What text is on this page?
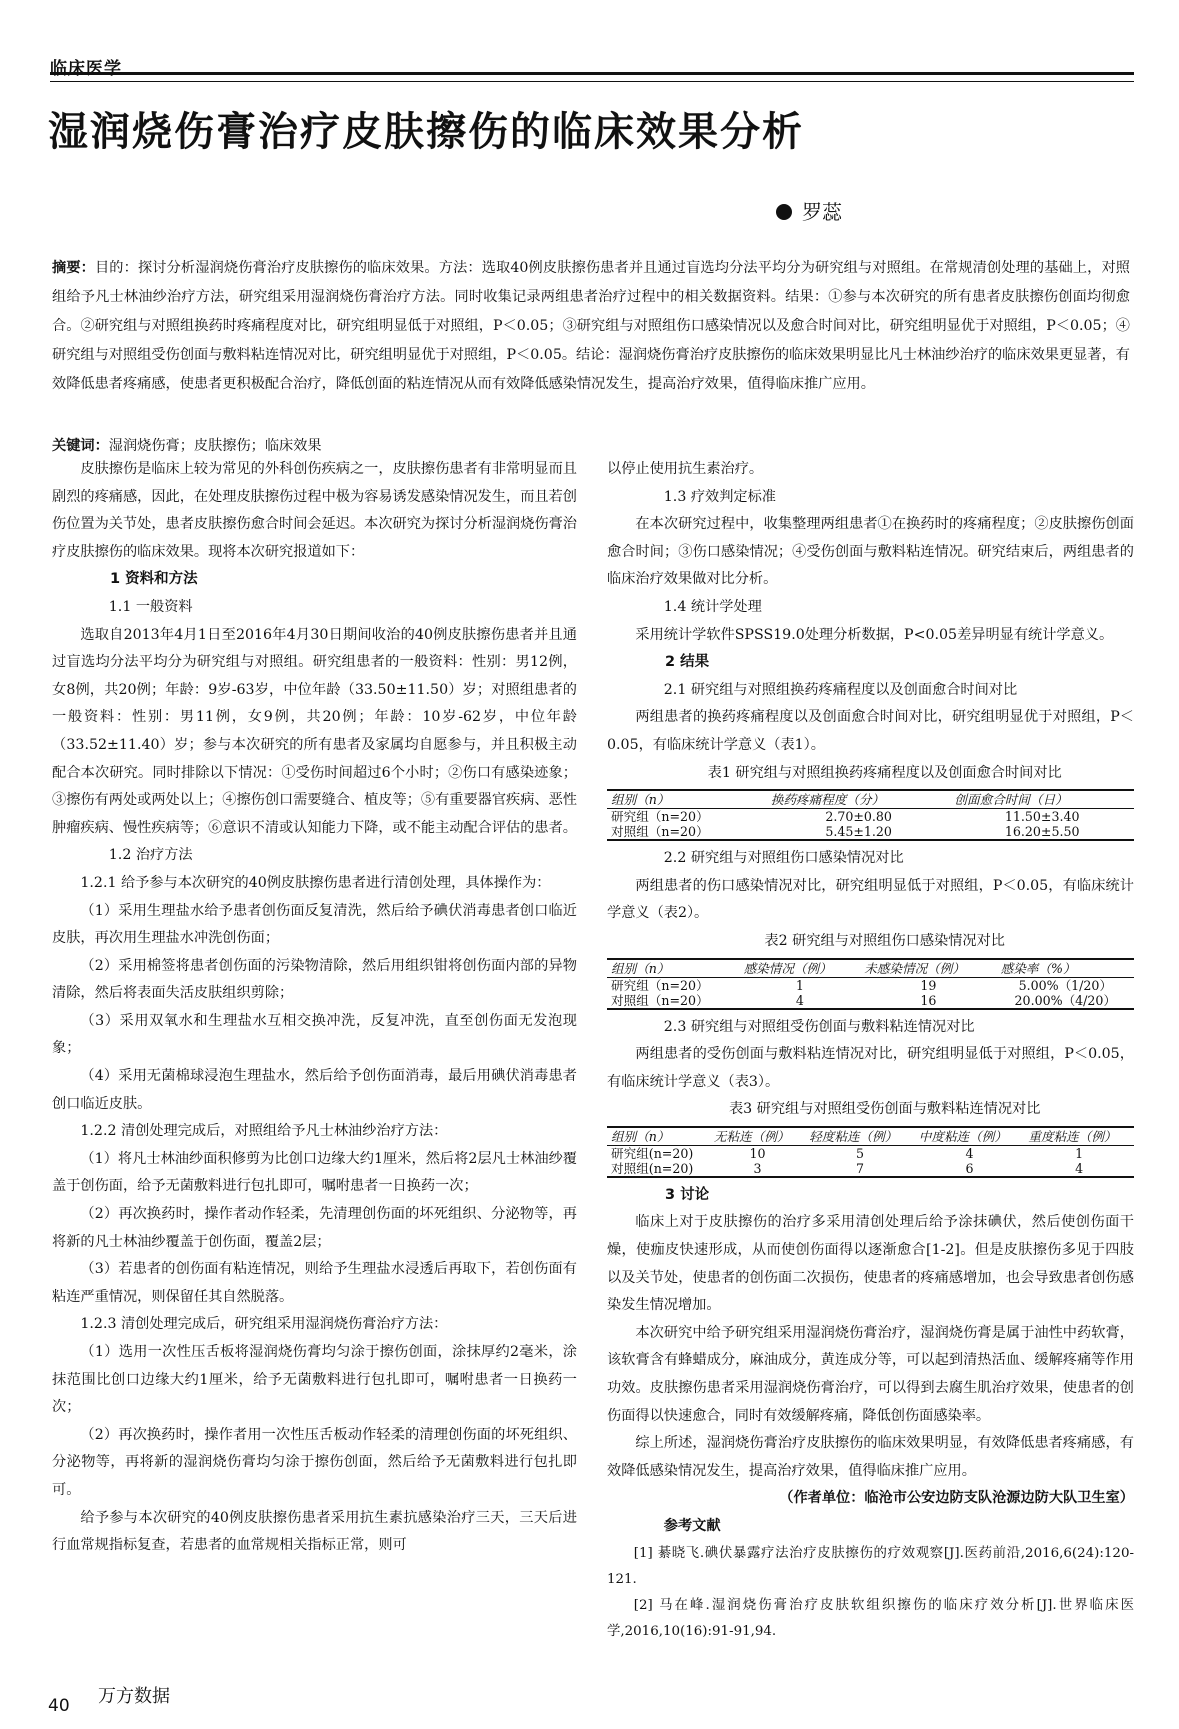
临床医学
湿润烧伤膏治疗皮肤擦伤的临床效果分析
罗蕊
摘要：目的：探讨分析湿润烧伤膏治疗皮肤擦伤的临床效果。方法：选取40例皮肤擦伤患者并且通过盲选均分法平均分为研究组与对照组。在常规清创处理的基础上，对照组给予凡士林油纱治疗方法，研究组采用湿润烧伤膏治疗方法。同时收集记录两组患者治疗过程中的相关数据资料。结果：①参与本次研究的所有患者皮肤擦伤创面均彻愈合。②研究组与对照组换药时疼痛程度对比，研究组明显低于对照组，P＜0.05；③研究组与对照组伤口感染情况以及愈合时间对比，研究组明显优于对照组，P＜0.05；④研究组与对照组受伤创面与敷料粘连情况对比，研究组明显优于对照组，P＜0.05。结论：湿润烧伤膏治疗皮肤擦伤的临床效果明显比凡士林油纱治疗的临床效果更显著，有效降低患者疼痛感，使患者更积极配合治疗，降低创面的粘连情况从而有效降低感染情况发生，提高治疗效果，值得临床推广应用。
关键词：湿润烧伤膏；皮肤擦伤；临床效果

皮肤擦伤是临床上较为常见的外科创伤疾病之一，皮肤擦伤患者有非常明显而且剧烈的疼痛感，因此，在处理皮肤擦伤过程中极为容易诱发感染情况发生，而且若创伤位置为关节处，患者皮肤擦伤愈合时间会延迟。本次研究为探讨分析湿润烧伤膏治疗皮肤擦伤的临床效果。现将本次研究报道如下：

1 资料和方法

1.1 一般资料

选取自2013年4月1日至2016年4月30日期间收治的40例皮肤擦伤患者并且通过盲选均分法平均分为研究组与对照组。研究组患者的一般资料：性别：男12例，女8例，共20例；年龄：9岁-63岁，中位年龄（33.50±11.50）岁；对照组患者的一般资料：性别：男11例，女9例，共20例；年龄：10岁-62岁，中位年龄（33.52±11.40）岁；参与本次研究的所有患者及家属均自愿参与，并且积极主动配合本次研究。同时排除以下情况：①受伤时间超过6个小时；②伤口有感染迹象；③擦伤有两处或两处以上；④擦伤创口需要缝合、植皮等；⑤有重要器官疾病、恶性肿瘤疾病、慢性疾病等；⑥意识不清或认知能力下降，或不能主动配合评估的患者。

1.2 治疗方法

1.2.1 给予参与本次研究的40例皮肤擦伤患者进行清创处理，具体操作为：

（1）采用生理盐水给予患者创伤面反复清洗，然后给予碘伏消毒患者创口临近皮肤，再次用生理盐水冲洗创伤面；

（2）采用棉签将患者创伤面的污染物清除，然后用组织钳将创伤面内部的异物清除，然后将表面失活皮肤组织剪除；

（3）采用双氧水和生理盐水互相交换冲洗，反复冲洗，直至创伤面无发泡现象；

（4）采用无菌棉球浸泡生理盐水，然后给予创伤面消毒，最后用碘伏消毒患者创口临近皮肤。

1.2.2 清创处理完成后，对照组给予凡士林油纱治疗方法：

（1）将凡士林油纱面积修剪为比创口边缘大约1厘米，然后将2层凡士林油纱覆盖于创伤面，给予无菌敷料进行包扎即可，嘱咐患者一日换药一次；

（2）再次换药时，操作者动作轻柔，先清理创伤面的坏死组织、分泌物等，再将新的凡士林油纱覆盖于创伤面，覆盖2层；

（3）若患者的创伤面有粘连情况，则给予生理盐水浸透后再取下，若创伤面有粘连严重情况，则保留任其自然脱落。

1.2.3 清创处理完成后，研究组采用湿润烧伤膏治疗方法：

（1）选用一次性压舌板将湿润烧伤膏均匀涂于擦伤创面，涂抹厚约2毫米，涂抹范围比创口边缘大约1厘米，给予无菌敷料进行包扎即可，嘱咐患者一日换药一次；

（2）再次换药时，操作者用一次性压舌板动作轻柔的清理创伤面的坏死组织、分泌物等，再将新的湿润烧伤膏均匀涂于擦伤创面，然后给予无菌敷料进行包扎即可。

给予参与本次研究的40例皮肤擦伤患者采用抗生素抗感染治疗三天，三天后进行血常规指标复查，若患者的血常规相关指标正常，则可

以停止使用抗生素治疗。

1.3 疗效判定标准

在本次研究过程中，收集整理两组患者①在换药时的疼痛程度；②皮肤擦伤创面愈合时间；③伤口感染情况；④受伤创面与敷料粘连情况。研究结束后，两组患者的临床治疗效果做对比分析。

1.4 统计学处理

采用统计学软件SPSS19.0处理分析数据，P<0.05差异明显有统计学意义。

2 结果

2.1 研究组与对照组换药疼痛程度以及创面愈合时间对比

两组患者的换药疼痛程度以及创面愈合时间对比，研究组明显优于对照组，P＜0.05，有临床统计学意义（表1）。

表1 研究组与对照组换药疼痛程度以及创面愈合时间对比

组别（n）	换药疼痛程度（分）	创面愈合时间（日）
研究组（n=20）	2.70±0.80	11.50±3.40
对照组（n=20）	5.45±1.20	16.20±5.50

2.2 研究组与对照组伤口感染情况对比

两组患者的伤口感染情况对比，研究组明显低于对照组，P＜0.05，有临床统计学意义（表2）。

表2 研究组与对照组伤口感染情况对比

组别（n）	感染情况（例）	未感染情况（例）	感染率（%）
研究组（n=20）	1	19	5.00%（1/20）
对照组（n=20）	4	16	20.00%（4/20）

2.3 研究组与对照组受伤创面与敷料粘连情况对比

两组患者的受伤创面与敷料粘连情况对比，研究组明显低于对照组，P＜0.05，有临床统计学意义（表3）。

表3 研究组与对照组受伤创面与敷料粘连情况对比

组别（n）	无粘连（例）	轻度粘连（例）	中度粘连（例）	重度粘连（例）
研究组(n=20)	10	5	4	1
对照组(n=20)	3	7	6	4

3 讨论

临床上对于皮肤擦伤的治疗多采用清创处理后给予涂抹碘伏，然后使创伤面干燥，使痂皮快速形成，从而使创伤面得以逐渐愈合[1-2]。但是皮肤擦伤多见于四肢以及关节处，使患者的创伤面二次损伤，使患者的疼痛感增加，也会导致患者创伤感染发生情况增加。

本次研究中给予研究组采用湿润烧伤膏治疗，湿润烧伤膏是属于油性中药软膏，该软膏含有蜂蜡成分，麻油成分，黄连成分等，可以起到清热活血、缓解疼痛等作用功效。皮肤擦伤患者采用湿润烧伤膏治疗，可以得到去腐生肌治疗效果，使患者的创伤面得以快速愈合，同时有效缓解疼痛，降低创伤面感染率。

综上所述，湿润烧伤膏治疗皮肤擦伤的临床效果明显，有效降低患者疼痛感，有效降低感染情况发生，提高治疗效果，值得临床推广应用。

（作者单位：临沧市公安边防支队沧源边防大队卫生室）

参考文献

[1] 綦晓飞.碘伏暴露疗法治疗皮肤擦伤的疗效观察[J].医药前沿,2016,6(24):120-121.

[2] 马在峰.湿润烧伤膏治疗皮肤软组织擦伤的临床疗效分析[J].世界临床医学,2016,10(16):91-91,94.

40 万方数据
